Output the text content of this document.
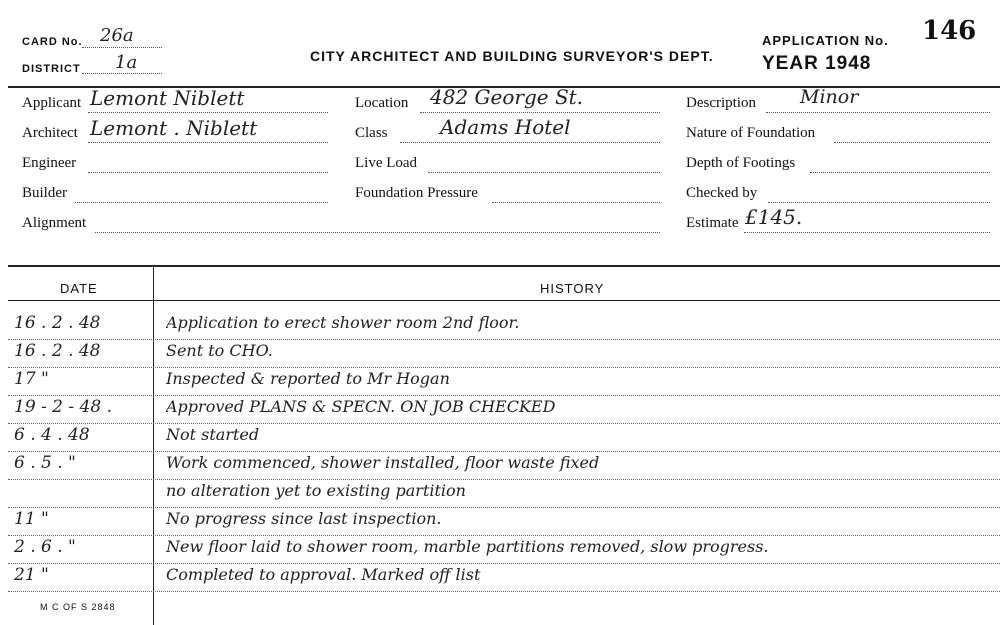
CARD No. 26a
DISTRICT 1a	CITY ARCHITECT AND BUILDING SURVEYOR'S DEPT.
APPLICATION No. 146
YEAR 1948
Applicant Lemont Niblett
Architect Lemont . Niblett
Engineer
Builder
Alignment
Location 482 George St.
Class	Adams Hotel
Live Load
Foundation Pressure
Description Minor
Nature of Foundation
Depth of Footings
Checked by
Estimate £145.
DATE	HISTORY
16 . 2 . 48	Application to erect shower room 2nd floor.
16 . 2 . 48	Sent to CHO.
17 "	Inspected & reported to Mr Hogan
19 - 2 - 48 .	Approved PLANS & SPECN. ON JOB CHECKED
6 . 4 . 48	Not started
6 . 5 . "	Work commenced, shower installed, floor waste fixed
no alteration yet to existing partition
11 "	No progress since last inspection.
2 . 6 . "	New floor laid to shower room, marble partitions removed, slow progress.
21 "	Completed to approval. Marked off list
M C OF S 2848
